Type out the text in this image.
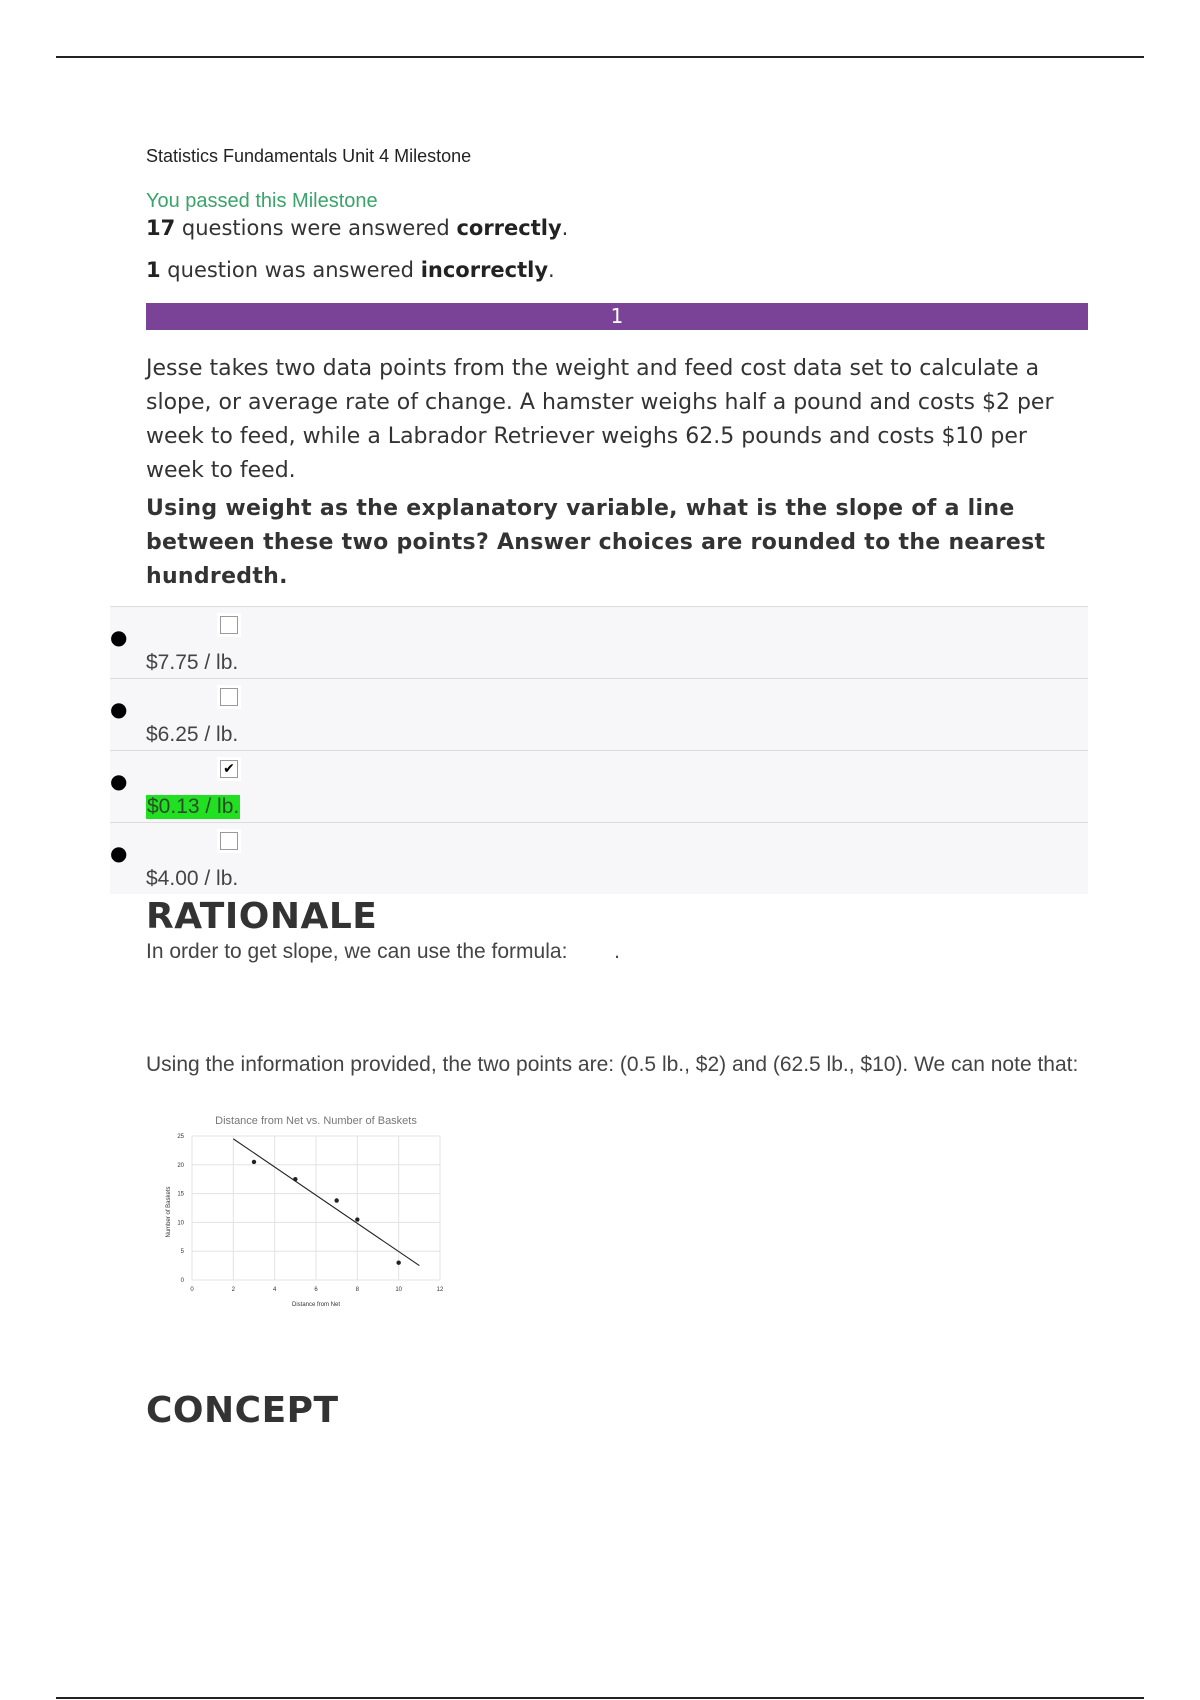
Statistics Fundamentals Unit 4 Milestone
You passed this Milestone
17 questions were answered correctly.
1 question was answered incorrectly.
1
Jesse takes two data points from the weight and feed cost data set to calculate a slope, or average rate of change. A hamster weighs half a pound and costs $2 per week to feed, while a Labrador Retriever weighs 62.5 pounds and costs $10 per week to feed.
Using weight as the explanatory variable, what is the slope of a line between these two points? Answer choices are rounded to the nearest hundredth.
●
$7.75 / lb.
●
$6.25 / lb.
●	✔
$0.13 / lb.
●
$4.00 / lb.
RATIONALE
In order to get slope, we can use the formula:        .
Using the information provided, the two points are: (0.5 lb., $2) and (62.5 lb., $10). We can note that:
Distance from Net vs. Number of Baskets
Number of Baskets
Distance from Net
0	2	4	6	8	10	12
0
5
10
15
20
25
CONCEPT
